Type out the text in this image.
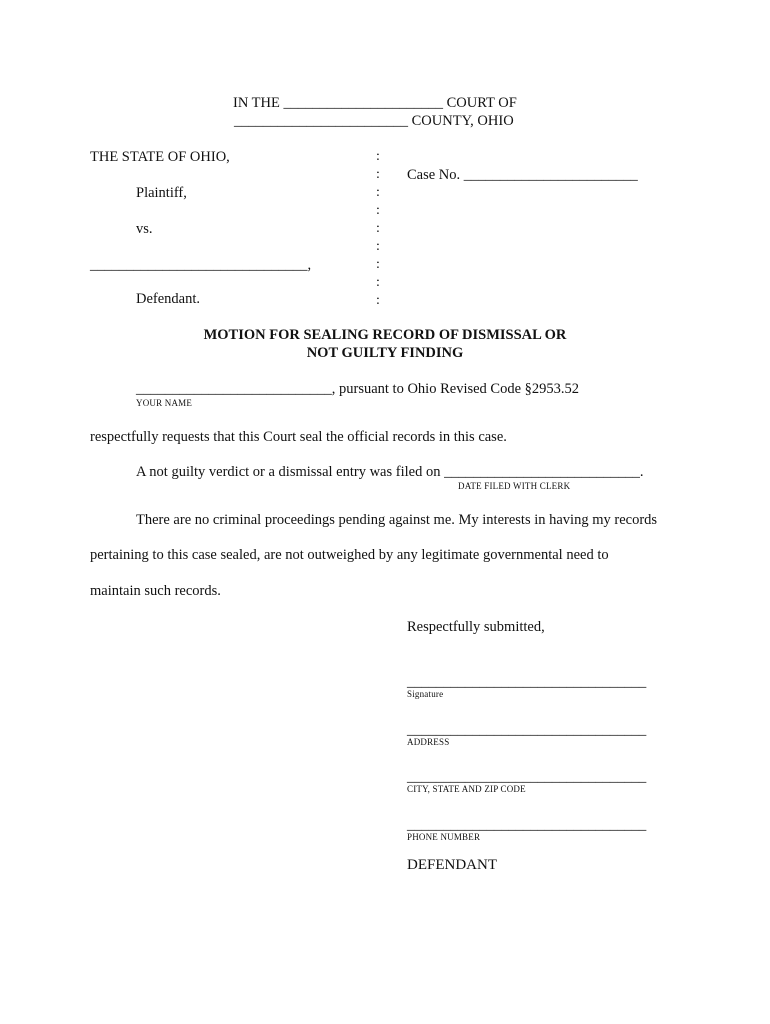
IN THE ______________________ COURT OF
________________________ COUNTY, OHIO
THE STATE OF OHIO,
Plaintiff,
vs.
______________________________,
Defendant.
:
:
:
:
:
:
:
:
:
Case No. ________________________
MOTION FOR SEALING RECORD OF DISMISSAL OR
NOT GUILTY FINDING
___________________________, pursuant to Ohio Revised Code §2953.52
YOUR NAME
respectfully requests that this Court seal the official records in this case.
A not guilty verdict or a dismissal entry was filed on ___________________________.
DATE FILED WITH CLERK
There are no criminal proceedings pending against me. My interests in having my records
pertaining to this case sealed, are not outweighed by any legitimate governmental need to
maintain such records.
Respectfully submitted,
_________________________________
Signature
_________________________________
ADDRESS
_________________________________
CITY, STATE AND ZIP CODE
_________________________________
PHONE NUMBER
DEFENDANT
